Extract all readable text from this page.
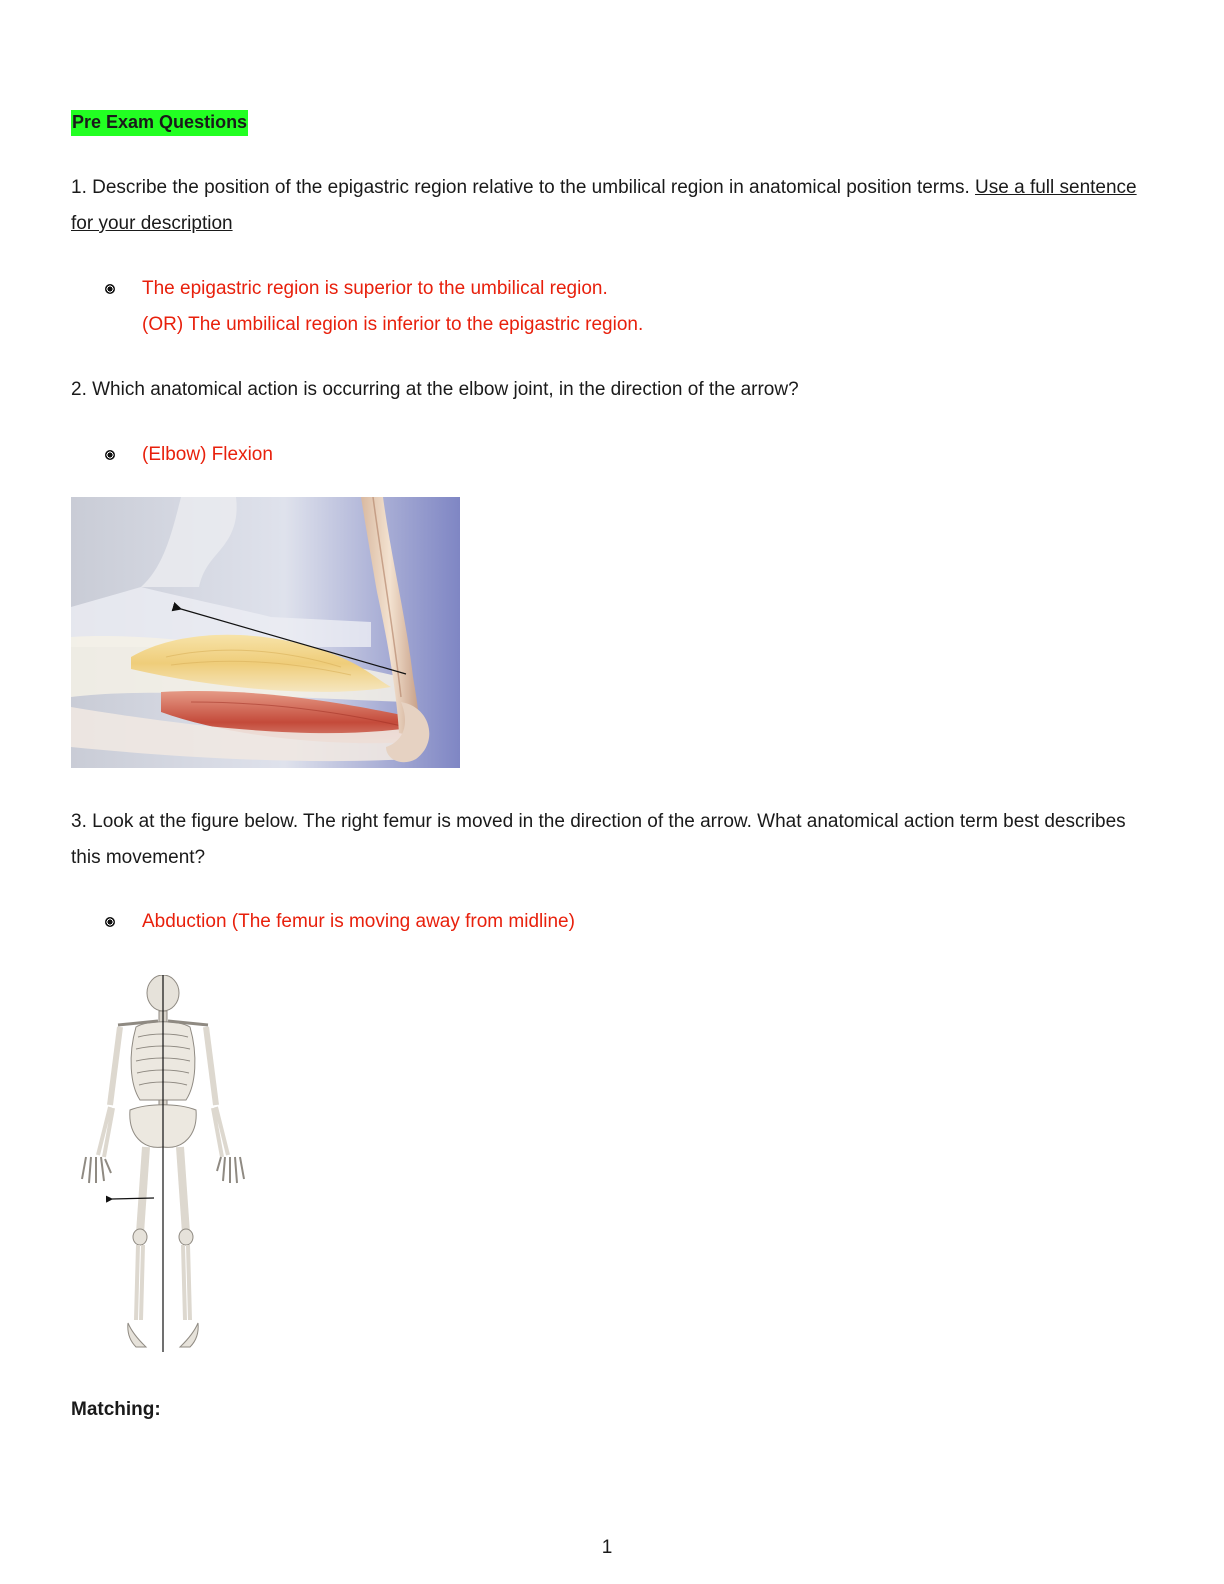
Pre Exam Questions
1. Describe the position of the epigastric region relative to the umbilical region in anatomical position terms. Use a full sentence for your description
The epigastric region is superior to the umbilical region.
(OR) The umbilical region is inferior to the epigastric region.
2. Which anatomical action is occurring at the elbow joint, in the direction of the arrow?
(Elbow) Flexion
3. Look at the figure below. The right femur is moved in the direction of the arrow. What anatomical action term best describes this movement?
Abduction (The femur is moving away from midline)
Matching:
1
